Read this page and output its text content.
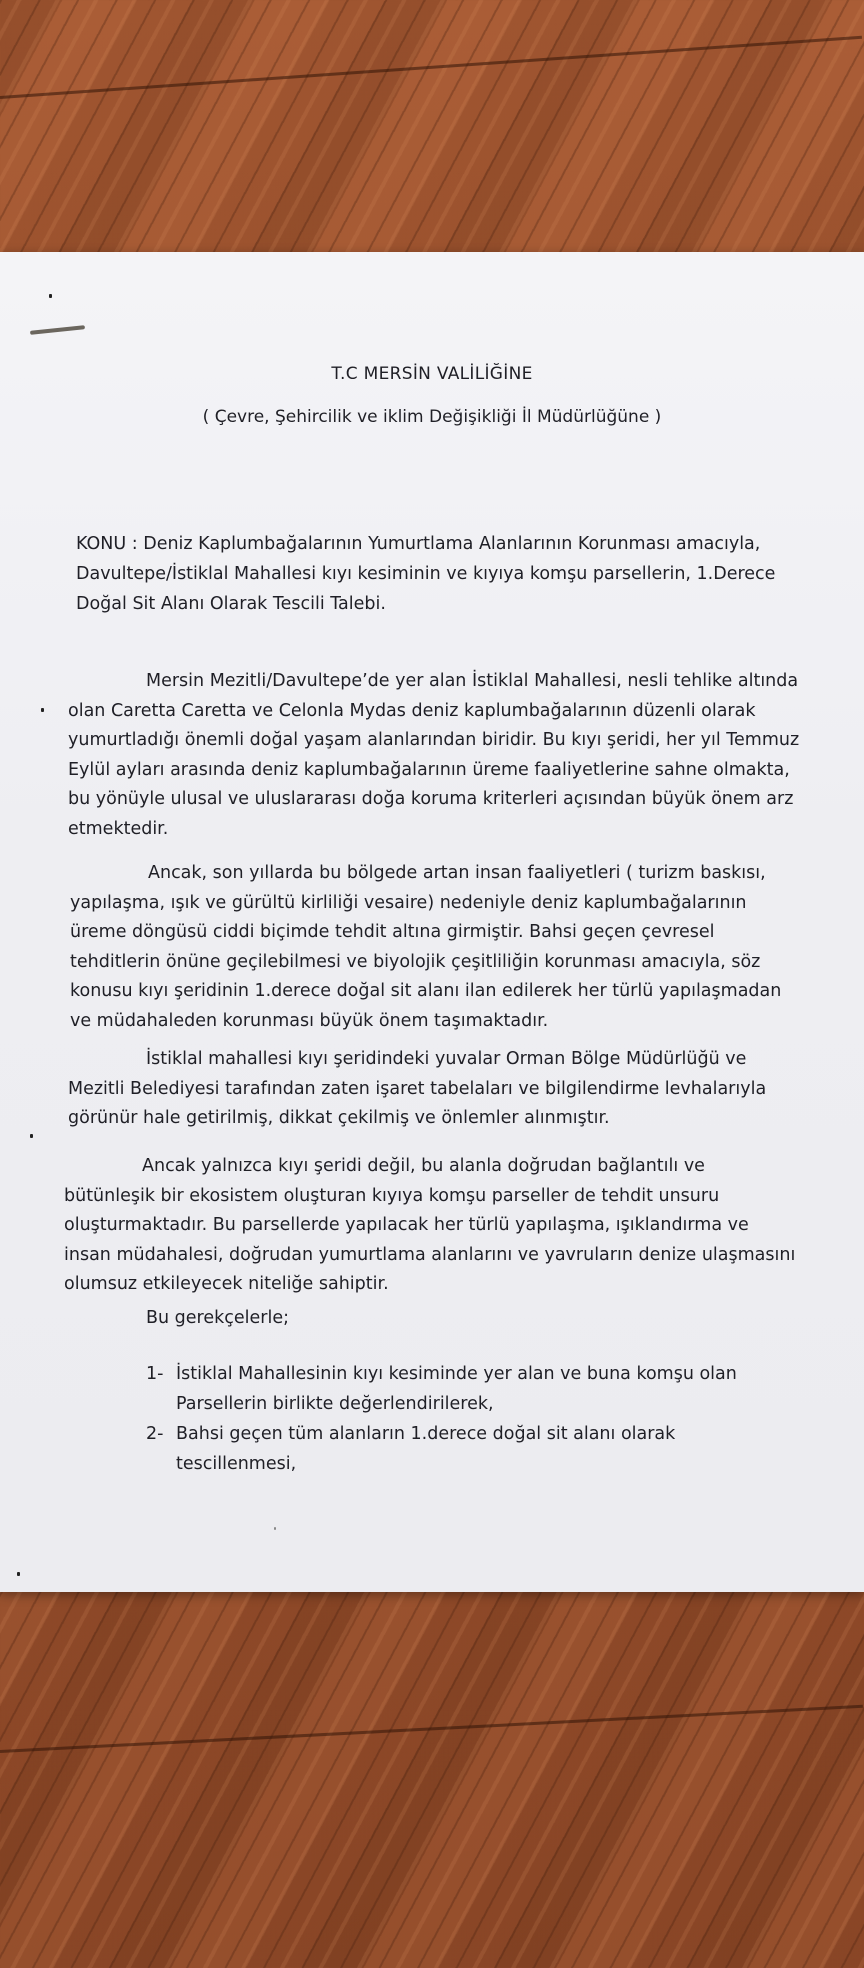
T.C MERSİN VALİLİĞİNE
( Çevre, Şehircilik ve iklim Değişikliği İl Müdürlüğüne )
KONU : Deniz Kaplumbağalarının Yumurtlama Alanlarının Korunması amacıyla, Davultepe/İstiklal Mahallesi kıyı kesiminin ve kıyıya komşu parsellerin, 1.Derece Doğal Sit Alanı Olarak Tescili Talebi.
Mersin Mezitli/Davultepe’de yer alan İstiklal Mahallesi, nesli tehlike altında olan Caretta Caretta ve Celonla Mydas deniz kaplumbağalarının düzenli olarak yumurtladığı önemli doğal yaşam alanlarından biridir. Bu kıyı şeridi, her yıl Temmuz Eylül ayları arasında deniz kaplumbağalarının üreme faaliyetlerine sahne olmakta, bu yönüyle ulusal ve uluslararası doğa koruma kriterleri açısından büyük önem arz etmektedir.
Ancak, son yıllarda bu bölgede artan insan faaliyetleri ( turizm baskısı, yapılaşma, ışık ve gürültü kirliliği vesaire) nedeniyle deniz kaplumbağalarının üreme döngüsü ciddi biçimde tehdit altına girmiştir. Bahsi geçen çevresel tehditlerin önüne geçilebilmesi ve biyolojik çeşitliliğin korunması amacıyla, söz konusu kıyı şeridinin 1.derece doğal sit alanı ilan edilerek her türlü yapılaşmadan ve müdahaleden korunması büyük önem taşımaktadır.
İstiklal mahallesi kıyı şeridindeki yuvalar Orman Bölge Müdürlüğü ve Mezitli Belediyesi tarafından zaten işaret tabelaları ve bilgilendirme levhalarıyla görünür hale getirilmiş, dikkat çekilmiş ve önlemler alınmıştır.
Ancak yalnızca kıyı şeridi değil, bu alanla doğrudan bağlantılı ve bütünleşik bir ekosistem oluşturan kıyıya komşu parseller de tehdit unsuru oluşturmaktadır. Bu parsellerde yapılacak her türlü yapılaşma, ışıklandırma ve insan müdahalesi, doğrudan yumurtlama alanlarını ve yavruların denize ulaşmasını olumsuz etkileyecek niteliğe sahiptir.
Bu gerekçelerle;
1- İstiklal Mahallesinin kıyı kesiminde yer alan ve buna komşu olan Parsellerin birlikte değerlendirilerek,
2- Bahsi geçen tüm alanların 1.derece doğal sit alanı olarak tescillenmesi,
